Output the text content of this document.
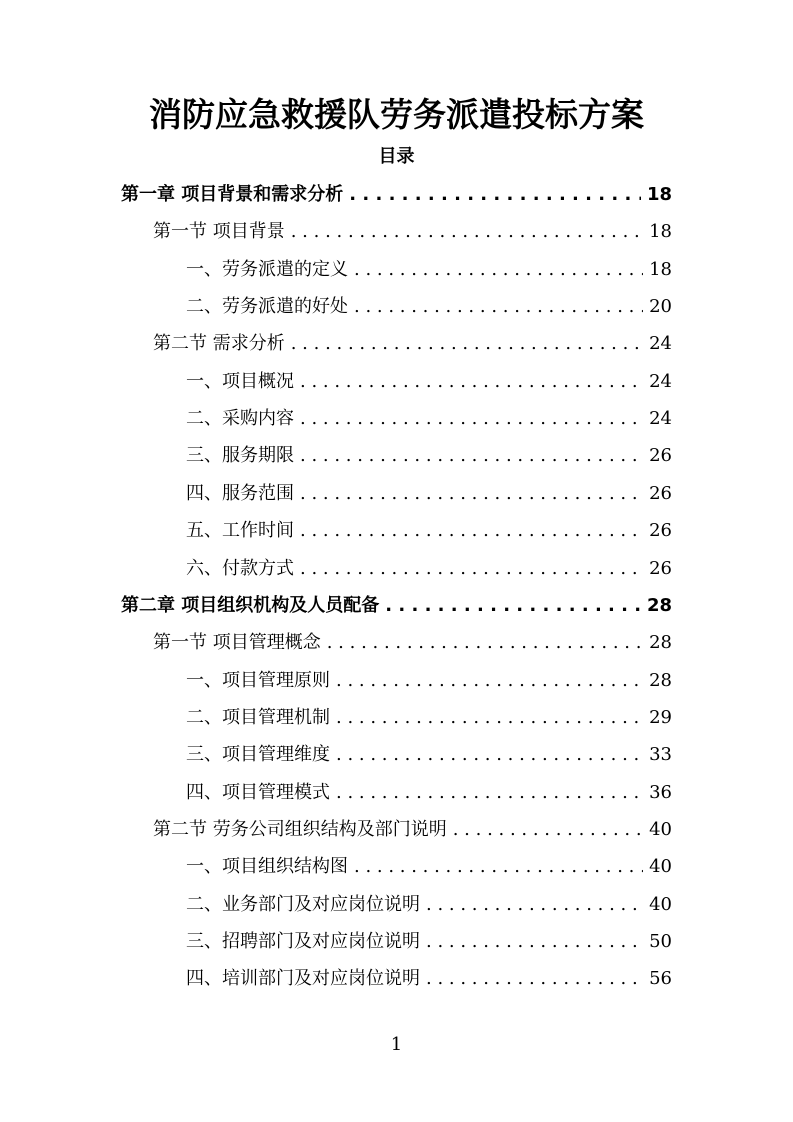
消防应急救援队劳务派遣投标方案
目录
第一章 项目背景和需求分析 . . .	18
第一节 项目背景 . . .	18
一、劳务派遣的定义 . . .	18
二、劳务派遣的好处 . . .	20
第二节 需求分析 . . .	24
一、项目概况 . . .	24
二、采购内容 . . .	24
三、服务期限 . . .	26
四、服务范围 . . .	26
五、工作时间 . . .	26
六、付款方式 . . .	26
第二章 项目组织机构及人员配备 . . .	28
第一节 项目管理概念 . . .	28
一、项目管理原则 . . .	28
二、项目管理机制 . . .	29
三、项目管理维度 . . .	33
四、项目管理模式 . . .	36
第二节 劳务公司组织结构及部门说明 . . .	40
一、项目组织结构图 . . .	40
二、业务部门及对应岗位说明 . . .	40
三、招聘部门及对应岗位说明 . . .	50
四、培训部门及对应岗位说明 . . .	56
1
